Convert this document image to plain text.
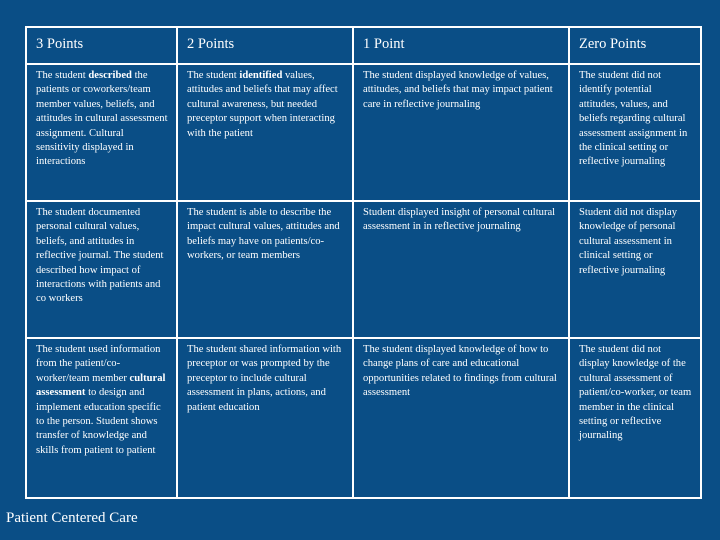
3 Points	2 Points	1 Point	Zero Points
The student described the patients or coworkers/team member values, beliefs, and attitudes in cultural assessment assignment. Cultural sensitivity displayed in interactions	The student identified values, attitudes and beliefs that may affect cultural awareness, but needed preceptor support when interacting with the patient	The student displayed knowledge of values, attitudes, and beliefs that may impact patient care in reflective journaling	The student did not identify potential attitudes, values, and beliefs regarding cultural assessment assignment in the clinical setting or reflective journaling
The student documented personal cultural values, beliefs, and attitudes in reflective journal. The student described how impact of interactions with patients and co workers	The student is able to describe the impact cultural values, attitudes and beliefs may have on patients/co-workers, or team members	Student displayed insight of personal cultural assessment in in reflective journaling	Student did not display knowledge of personal cultural assessment in clinical setting or reflective journaling
The student used information from the patient/co-worker/team member cultural assessment to design and implement education specific to the person. Student shows transfer of knowledge and skills from patient to patient	The student shared information with preceptor or was prompted by the preceptor to include cultural assessment in plans, actions, and patient education	The student displayed knowledge of how to change plans of care and educational opportunities related to findings from cultural assessment	The student did not display knowledge of the cultural assessment of patient/co-worker, or team member in the clinical setting or reflective journaling
Patient Centered Care
